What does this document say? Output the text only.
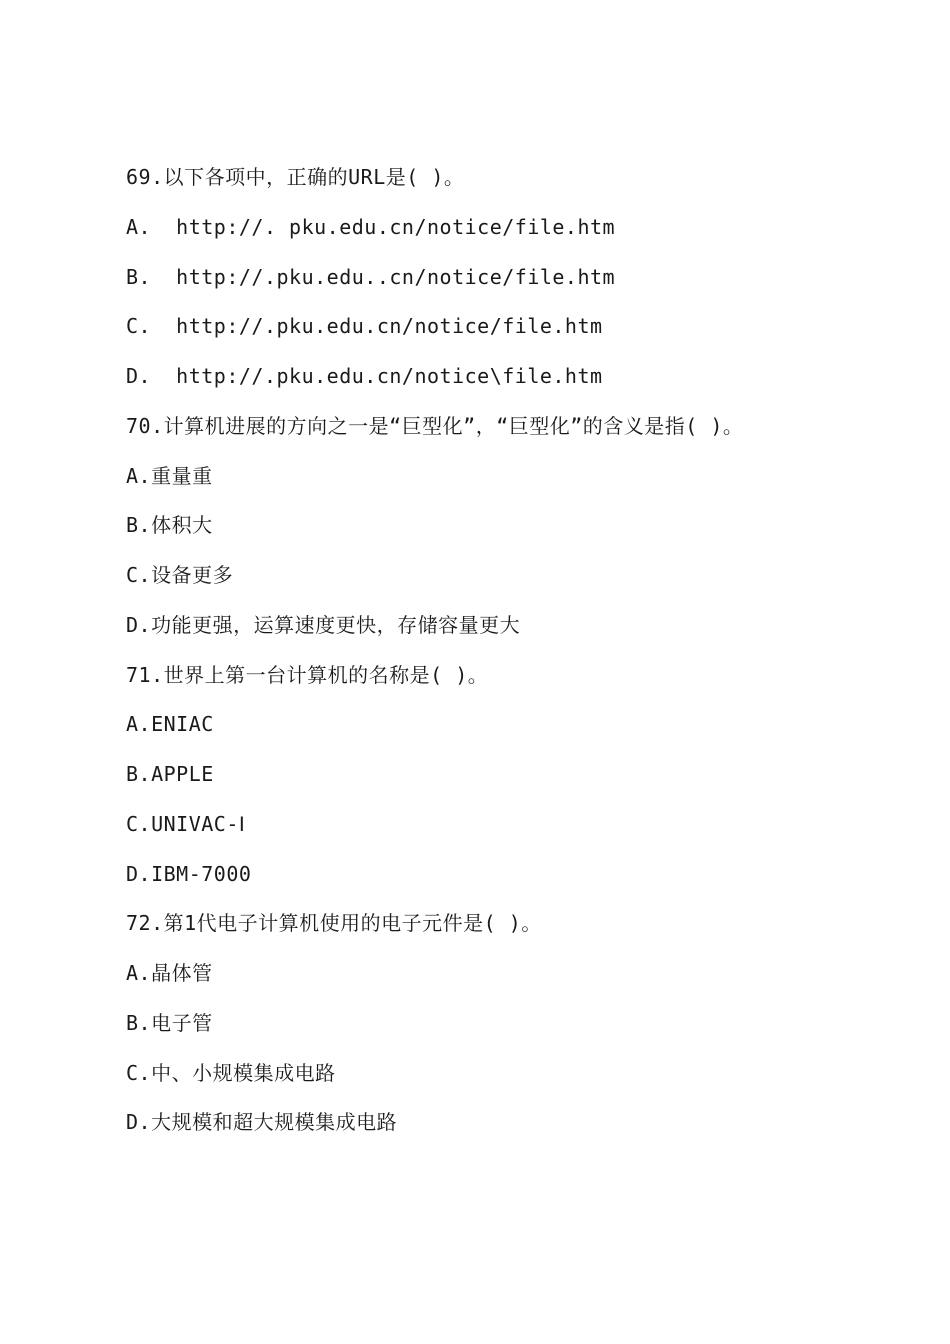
69.以下各项中，正确的URL是( )。
A.  http://. pku.edu.cn/notice/file.htm
B.  http://.pku.edu..cn/notice/file.htm
C.  http://.pku.edu.cn/notice/file.htm
D.  http://.pku.edu.cn/notice\file.htm
70.计算机进展的方向之一是“巨型化”，“巨型化”的含义是指( )。
A.重量重
B.体积大
C.设备更多
D.功能更强，运算速度更快，存储容量更大
71.世界上第一台计算机的名称是( )。
A.ENIAC
B.APPLE
C.UNIVAC-Ⅰ
D.IBM-7000
72.第1代电子计算机使用的电子元件是( )。
A.晶体管
B.电子管
C.中、小规模集成电路
D.大规模和超大规模集成电路
